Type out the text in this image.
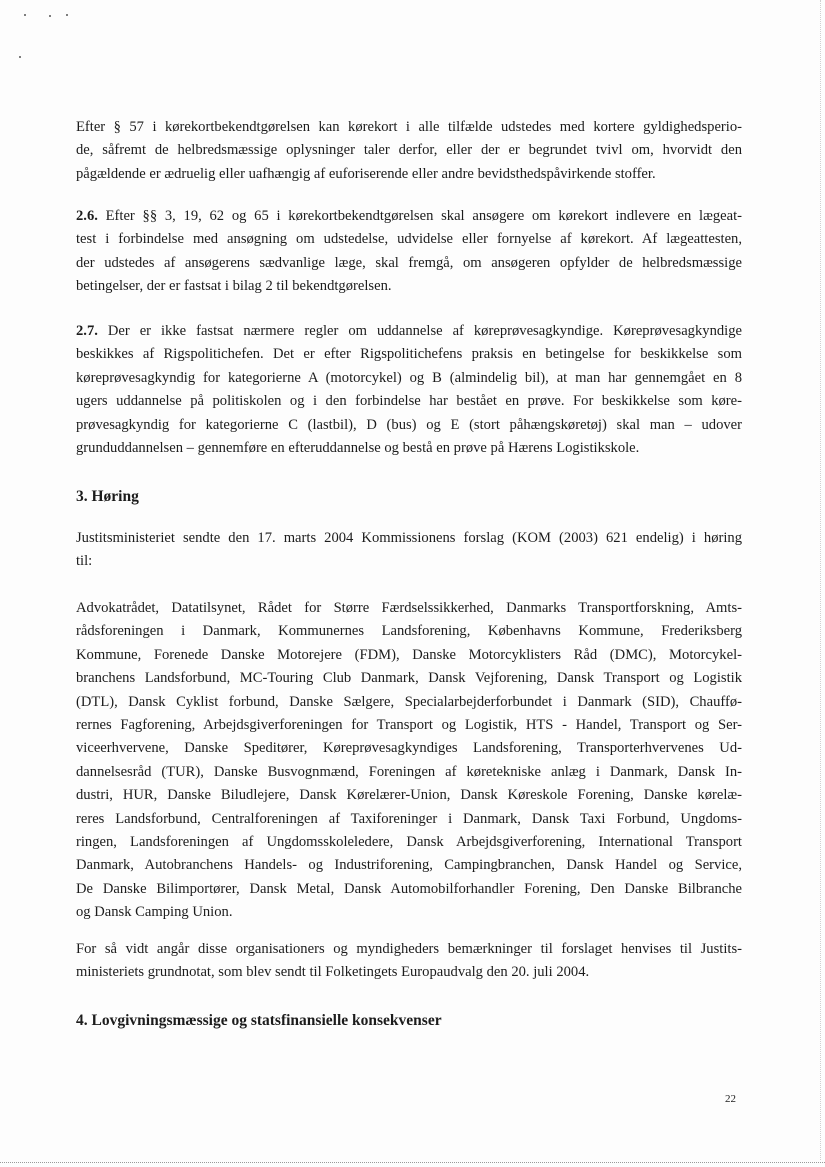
Efter § 57 i kørekortbekendtgørelsen kan kørekort i alle tilfælde udstedes med kortere gyldighedsperio-
de, såfremt de helbredsmæssige oplysninger taler derfor, eller der er begrundet tvivl om, hvorvidt den
pågældende er ædruelig eller uafhængig af euforiserende eller andre bevidsthedspåvirkende stoffer.
2.6. Efter §§ 3, 19, 62 og 65 i kørekortbekendtgørelsen skal ansøgere om kørekort indlevere en lægeat-
test i forbindelse med ansøgning om udstedelse, udvidelse eller fornyelse af kørekort. Af lægeattesten,
der udstedes af ansøgerens sædvanlige læge, skal fremgå, om ansøgeren opfylder de helbredsmæssige
betingelser, der er fastsat i bilag 2 til bekendtgørelsen.
2.7. Der er ikke fastsat nærmere regler om uddannelse af køreprøvesagkyndige. Køreprøvesagkyndige
beskikkes af Rigspolitichefen. Det er efter Rigspolitichefens praksis en betingelse for beskikkelse som
køreprøvesagkyndig for kategorierne A (motorcykel) og B (almindelig bil), at man har gennemgået en 8
ugers uddannelse på politiskolen og i den forbindelse har bestået en prøve. For beskikkelse som køre-
prøvesagkyndig for kategorierne C (lastbil), D (bus) og E (stort påhængskøretøj) skal man – udover
grunduddannelsen – gennemføre en efteruddannelse og bestå en prøve på Hærens Logistikskole.
3. Høring
Justitsministeriet sendte den 17. marts 2004 Kommissionens forslag (KOM (2003) 621 endelig) i høring
til:
Advokatrådet, Datatilsynet, Rådet for Større Færdselssikkerhed, Danmarks Transportforskning, Amts-
rådsforeningen i Danmark, Kommunernes Landsforening, Københavns Kommune, Frederiksberg
Kommune, Forenede Danske Motorejere (FDM), Danske Motorcyklisters Råd (DMC), Motorcykel-
branchens Landsforbund, MC-Touring Club Danmark, Dansk Vejforening, Dansk Transport og Logistik
(DTL), Dansk Cyklist forbund, Danske Sælgere, Specialarbejderforbundet i Danmark (SID), Chauffø-
rernes Fagforening, Arbejdsgiverforeningen for Transport og Logistik, HTS - Handel, Transport og Ser-
viceerhvervene, Danske Speditører, Køreprøvesagkyndiges Landsforening, Transporterhvervenes Ud-
dannelsesråd (TUR), Danske Busvognmænd, Foreningen af køretekniske anlæg i Danmark, Dansk In-
dustri, HUR, Danske Biludlejere, Dansk Kørelærer-Union, Dansk Køreskole Forening, Danske kørelæ-
reres Landsforbund, Centralforeningen af Taxiforeninger i Danmark, Dansk Taxi Forbund, Ungdoms-
ringen, Landsforeningen af Ungdomsskoleledere, Dansk Arbejdsgiverforening, International Transport
Danmark, Autobranchens Handels- og Industriforening, Campingbranchen, Dansk Handel og Service,
De Danske Bilimportører, Dansk Metal, Dansk Automobilforhandler Forening, Den Danske Bilbranche
og Dansk Camping Union.
For så vidt angår disse organisationers og myndigheders bemærkninger til forslaget henvises til Justits-
ministeriets grundnotat, som blev sendt til Folketingets Europaudvalg den 20. juli 2004.
4. Lovgivningsmæssige og statsfinansielle konsekvenser
22
